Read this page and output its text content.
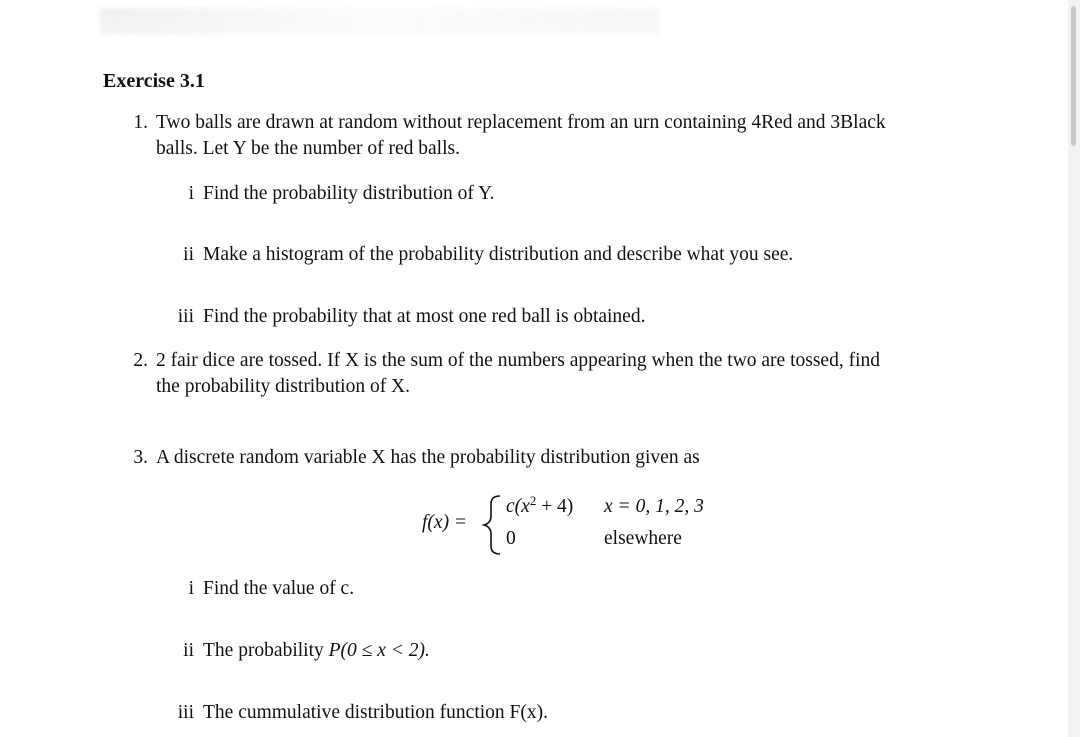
Exercise 3.1
1. Two balls are drawn at random without replacement from an urn containing 4Red and 3Black
balls. Let Y be the number of red balls.
i Find the probability distribution of Y.
ii Make a histogram of the probability distribution and describe what you see.
iii Find the probability that at most one red ball is obtained.
2. 2 fair dice are tossed. If X is the sum of the numbers appearing when the two are tossed, find
the probability distribution of X.
3. A discrete random variable X has the probability distribution given as
f(x) =
$c(x^2 + 4) x = 0$, 1, 2, 3
0	elsewhere
i Find the value of c.
ii The probability P(0 ≤ x < 2).
iii The cummulative distribution function F(x).
